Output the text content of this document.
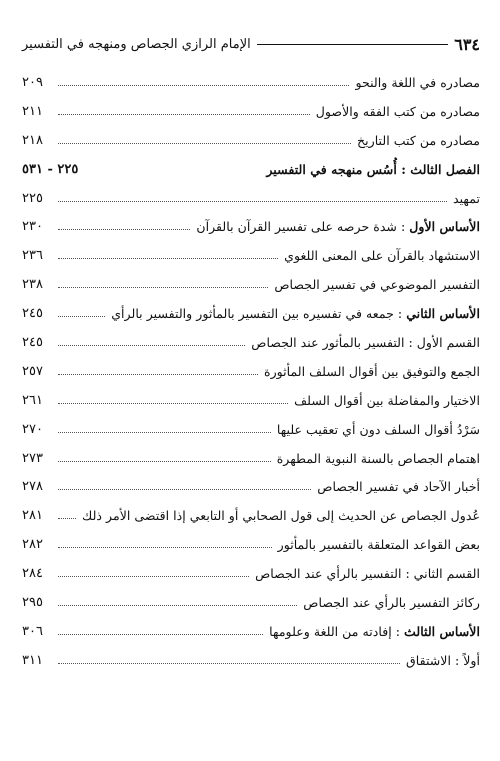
٦٣٤
الإمام الرازي الجصاص ومنهجه في التفسير
مصادره في اللغة والنحو
٢٠٩
مصادره من كتب الفقه والأصول
٢١١
مصادره من كتب التاريخ
٢١٨
الفصل الثالث : أُسُس منهجه في التفسير
٢٢٥ - ٥٣١
تمهيد
٢٢٥
الأساس الأول : شدة حرصه على تفسير القرآن بالقرآن
٢٣٠
الاستشهاد بالقرآن على المعنى اللغوي
٢٣٦
التفسير الموضوعي في تفسير الجصاص
٢٣٨
الأساس الثاني : جمعه في تفسيره بين التفسير بالمأثور والتفسير بالرأي
٢٤٥
القسم الأول : التفسير بالمأثور عند الجصاص
٢٤٥
الجمع والتوفيق بين أقوال السلف المأثورة
٢٥٧
الاختيار والمفاضلة بين أقوال السلف
٢٦١
سَرْدُ أقوال السلف دون أي تعقيب عليها
٢٧٠
اهتمام الجصاص بالسنة النبوية المطهرة
٢٧٣
أخبار الآحاد في تفسير الجصاص
٢٧٨
عُدول الجصاص عن الحديث إلى قول الصحابي أو التابعي إذا اقتضى الأمر ذلك
٢٨١
بعض القواعد المتعلقة بالتفسير بالمأثور
٢٨٢
القسم الثاني : التفسير بالرأي عند الجصاص
٢٨٤
ركائز التفسير بالرأي عند الجصاص
٢٩٥
الأساس الثالث : إفادته من اللغة وعلومها
٣٠٦
أولاً : الاشتقاق
٣١١
